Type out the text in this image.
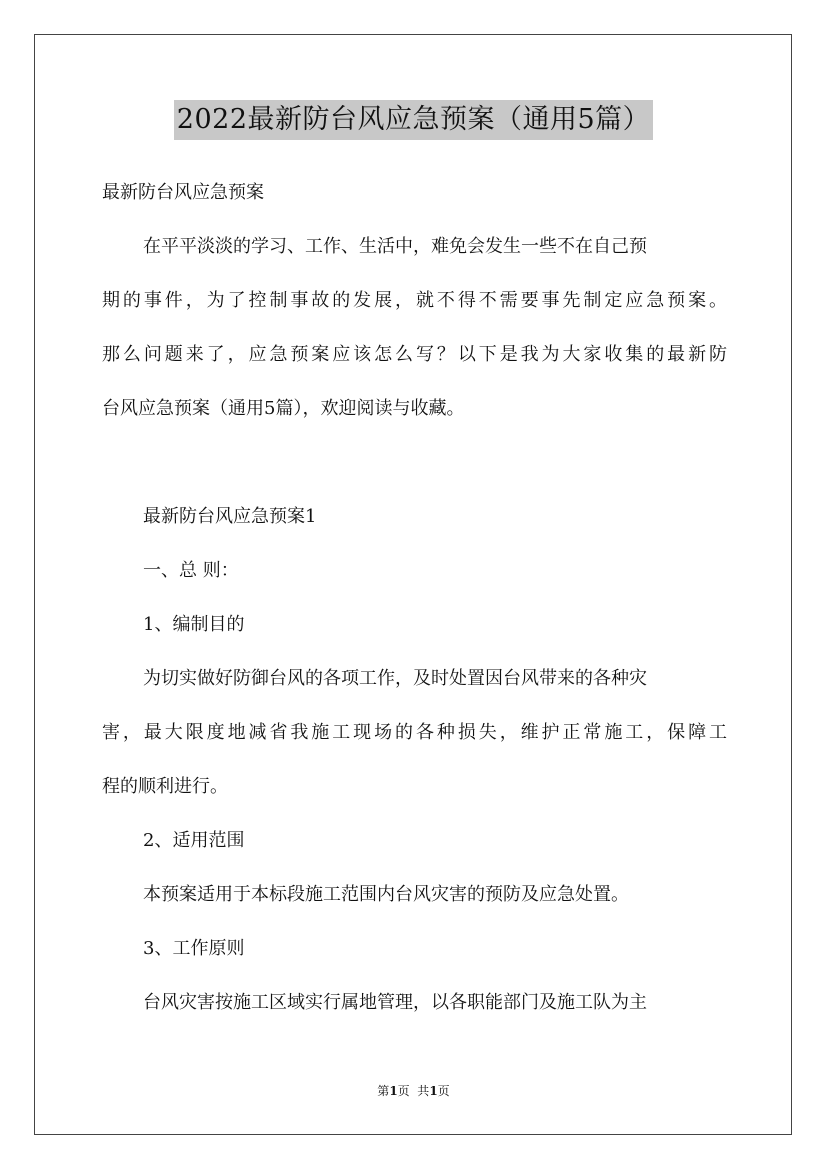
2022最新防台风应急预案（通用5篇）
最新防台风应急预案
在平平淡淡的学习、工作、生活中，难免会发生一些不在自己预
期的事件，为了控制事故的发展，就不得不需要事先制定应急预案。
那么问题来了，应急预案应该怎么写？以下是我为大家收集的最新防
台风应急预案（通用5篇），欢迎阅读与收藏。
最新防台风应急预案1
一、总 则：
1、编制目的
为切实做好防御台风的各项工作，及时处置因台风带来的各种灾
害，最大限度地减省我施工现场的各种损失，维护正常施工，保障工
程的顺利进行。
2、适用范围
本预案适用于本标段施工范围内台风灾害的预防及应急处置。
3、工作原则
台风灾害按施工区域实行属地管理，以各职能部门及施工队为主
第1页  共1页
